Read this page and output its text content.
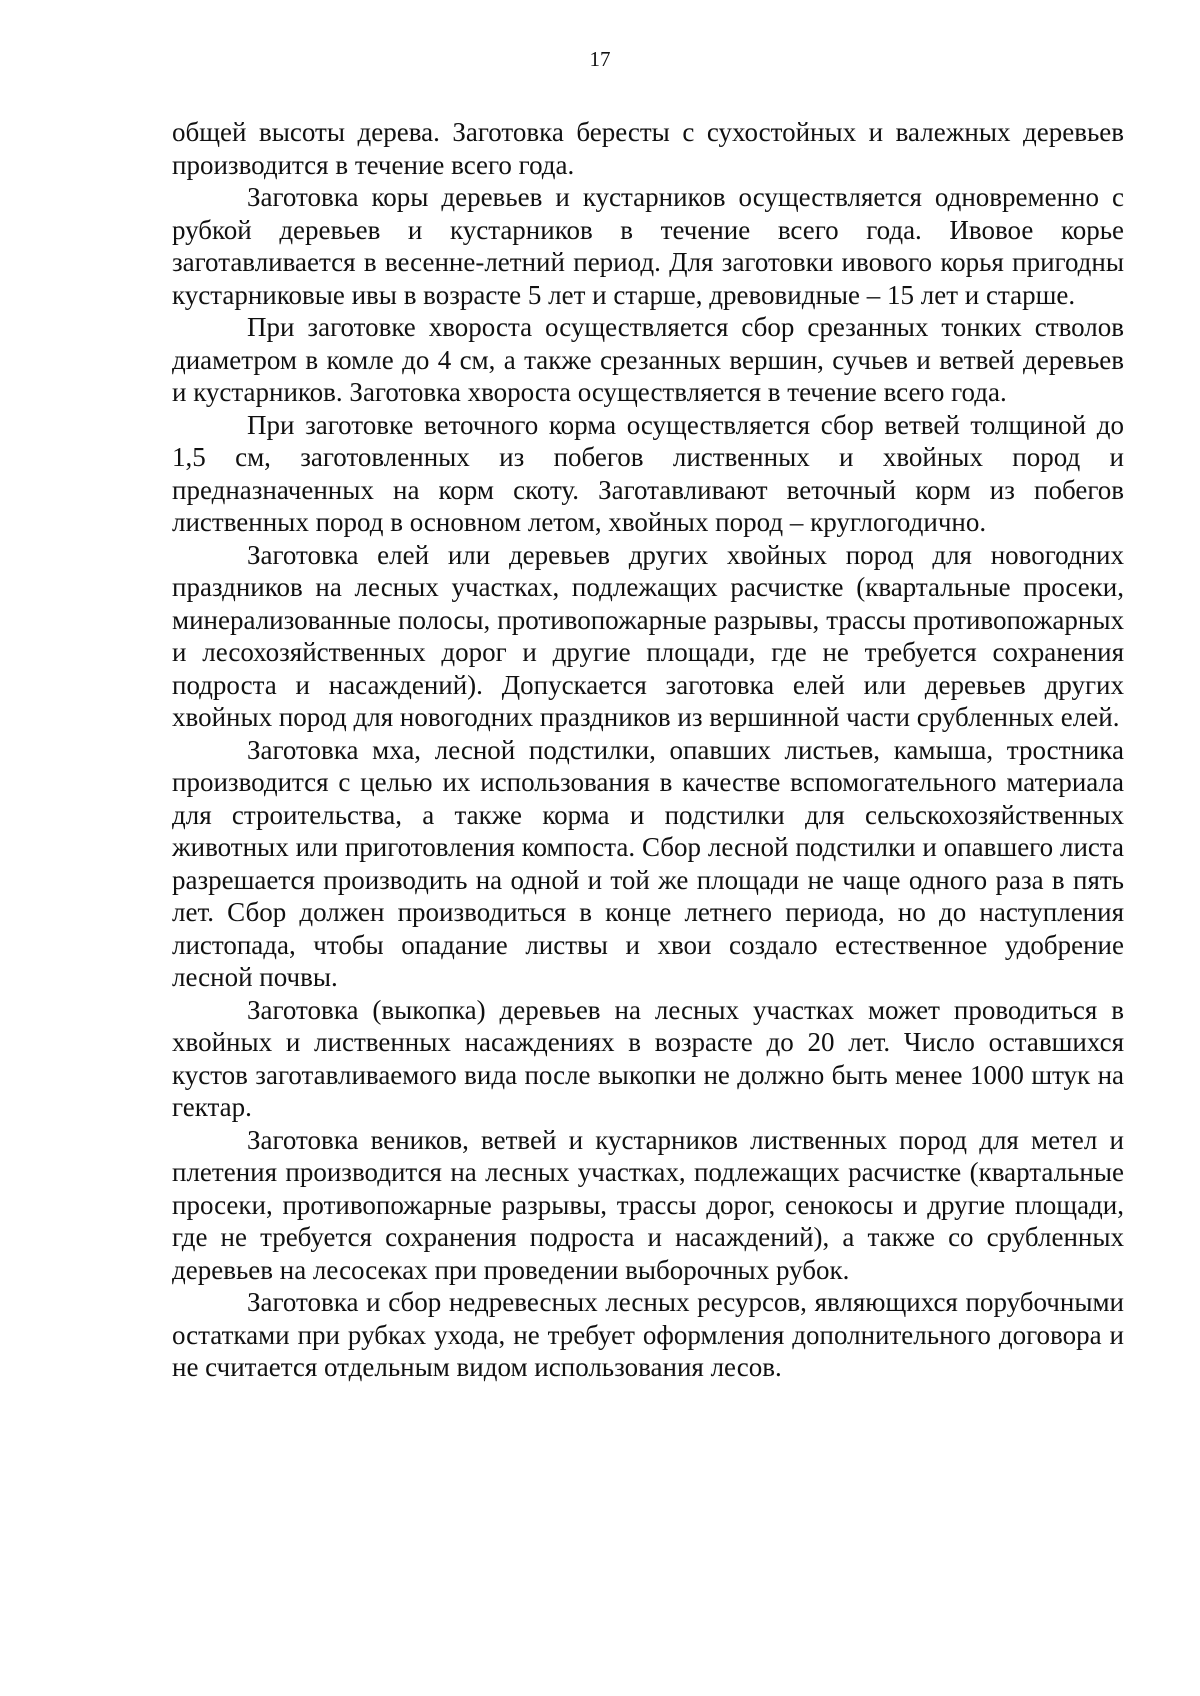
17

общей высоты дерева. Заготовка бересты с сухостойных и валежных деревьев производится в течение всего года.

Заготовка коры деревьев и кустарников осуществляется одновременно с рубкой деревьев и кустарников в течение всего года. Ивовое корье заготавливается в весенне-летний период. Для заготовки ивового корья пригодны кустарниковые ивы в возрасте 5 лет и старше, древовидные – 15 лет и старше.

При заготовке хвороста осуществляется сбор срезанных тонких стволов диаметром в комле до 4 см, а также срезанных вершин, сучьев и ветвей деревьев и кустарников. Заготовка хвороста осуществляется в течение всего года.

При заготовке веточного корма осуществляется сбор ветвей толщиной до 1,5 см, заготовленных из побегов лиственных и хвойных пород и предназначенных на корм скоту. Заготавливают веточный корм из побегов лиственных пород в основном летом, хвойных пород – круглогодично.

Заготовка елей или деревьев других хвойных пород для новогодних праздников на лесных участках, подлежащих расчистке (квартальные просеки, минерализованные полосы, противопожарные разрывы, трассы противопожарных и лесохозяйственных дорог и другие площади, где не требуется сохранения подроста и насаждений). Допускается заготовка елей или деревьев других хвойных пород для новогодних праздников из вершинной части срубленных елей.

Заготовка мха, лесной подстилки, опавших листьев, камыша, тростника производится с целью их использования в качестве вспомогательного материала для строительства, а также корма и подстилки для сельскохозяйственных животных или приготовления компоста. Сбор лесной подстилки и опавшего листа разрешается производить на одной и той же площади не чаще одного раза в пять лет. Сбор должен производиться в конце летнего периода, но до наступления листопада, чтобы опадание листвы и хвои создало естественное удобрение лесной почвы.

Заготовка (выкопка) деревьев на лесных участках может проводиться в хвойных и лиственных насаждениях в возрасте до 20 лет. Число оставшихся кустов заготавливаемого вида после выкопки не должно быть менее 1000 штук на гектар.

Заготовка веников, ветвей и кустарников лиственных пород для метел и плетения производится на лесных участках, подлежащих расчистке (квартальные просеки, противопожарные разрывы, трассы дорог, сенокосы и другие площади, где не требуется сохранения подроста и насаждений), а также со срубленных деревьев на лесосеках при проведении выборочных рубок.

Заготовка и сбор недревесных лесных ресурсов, являющихся порубочными остатками при рубках ухода, не требует оформления дополнительного договора и не считается отдельным видом использования лесов.
